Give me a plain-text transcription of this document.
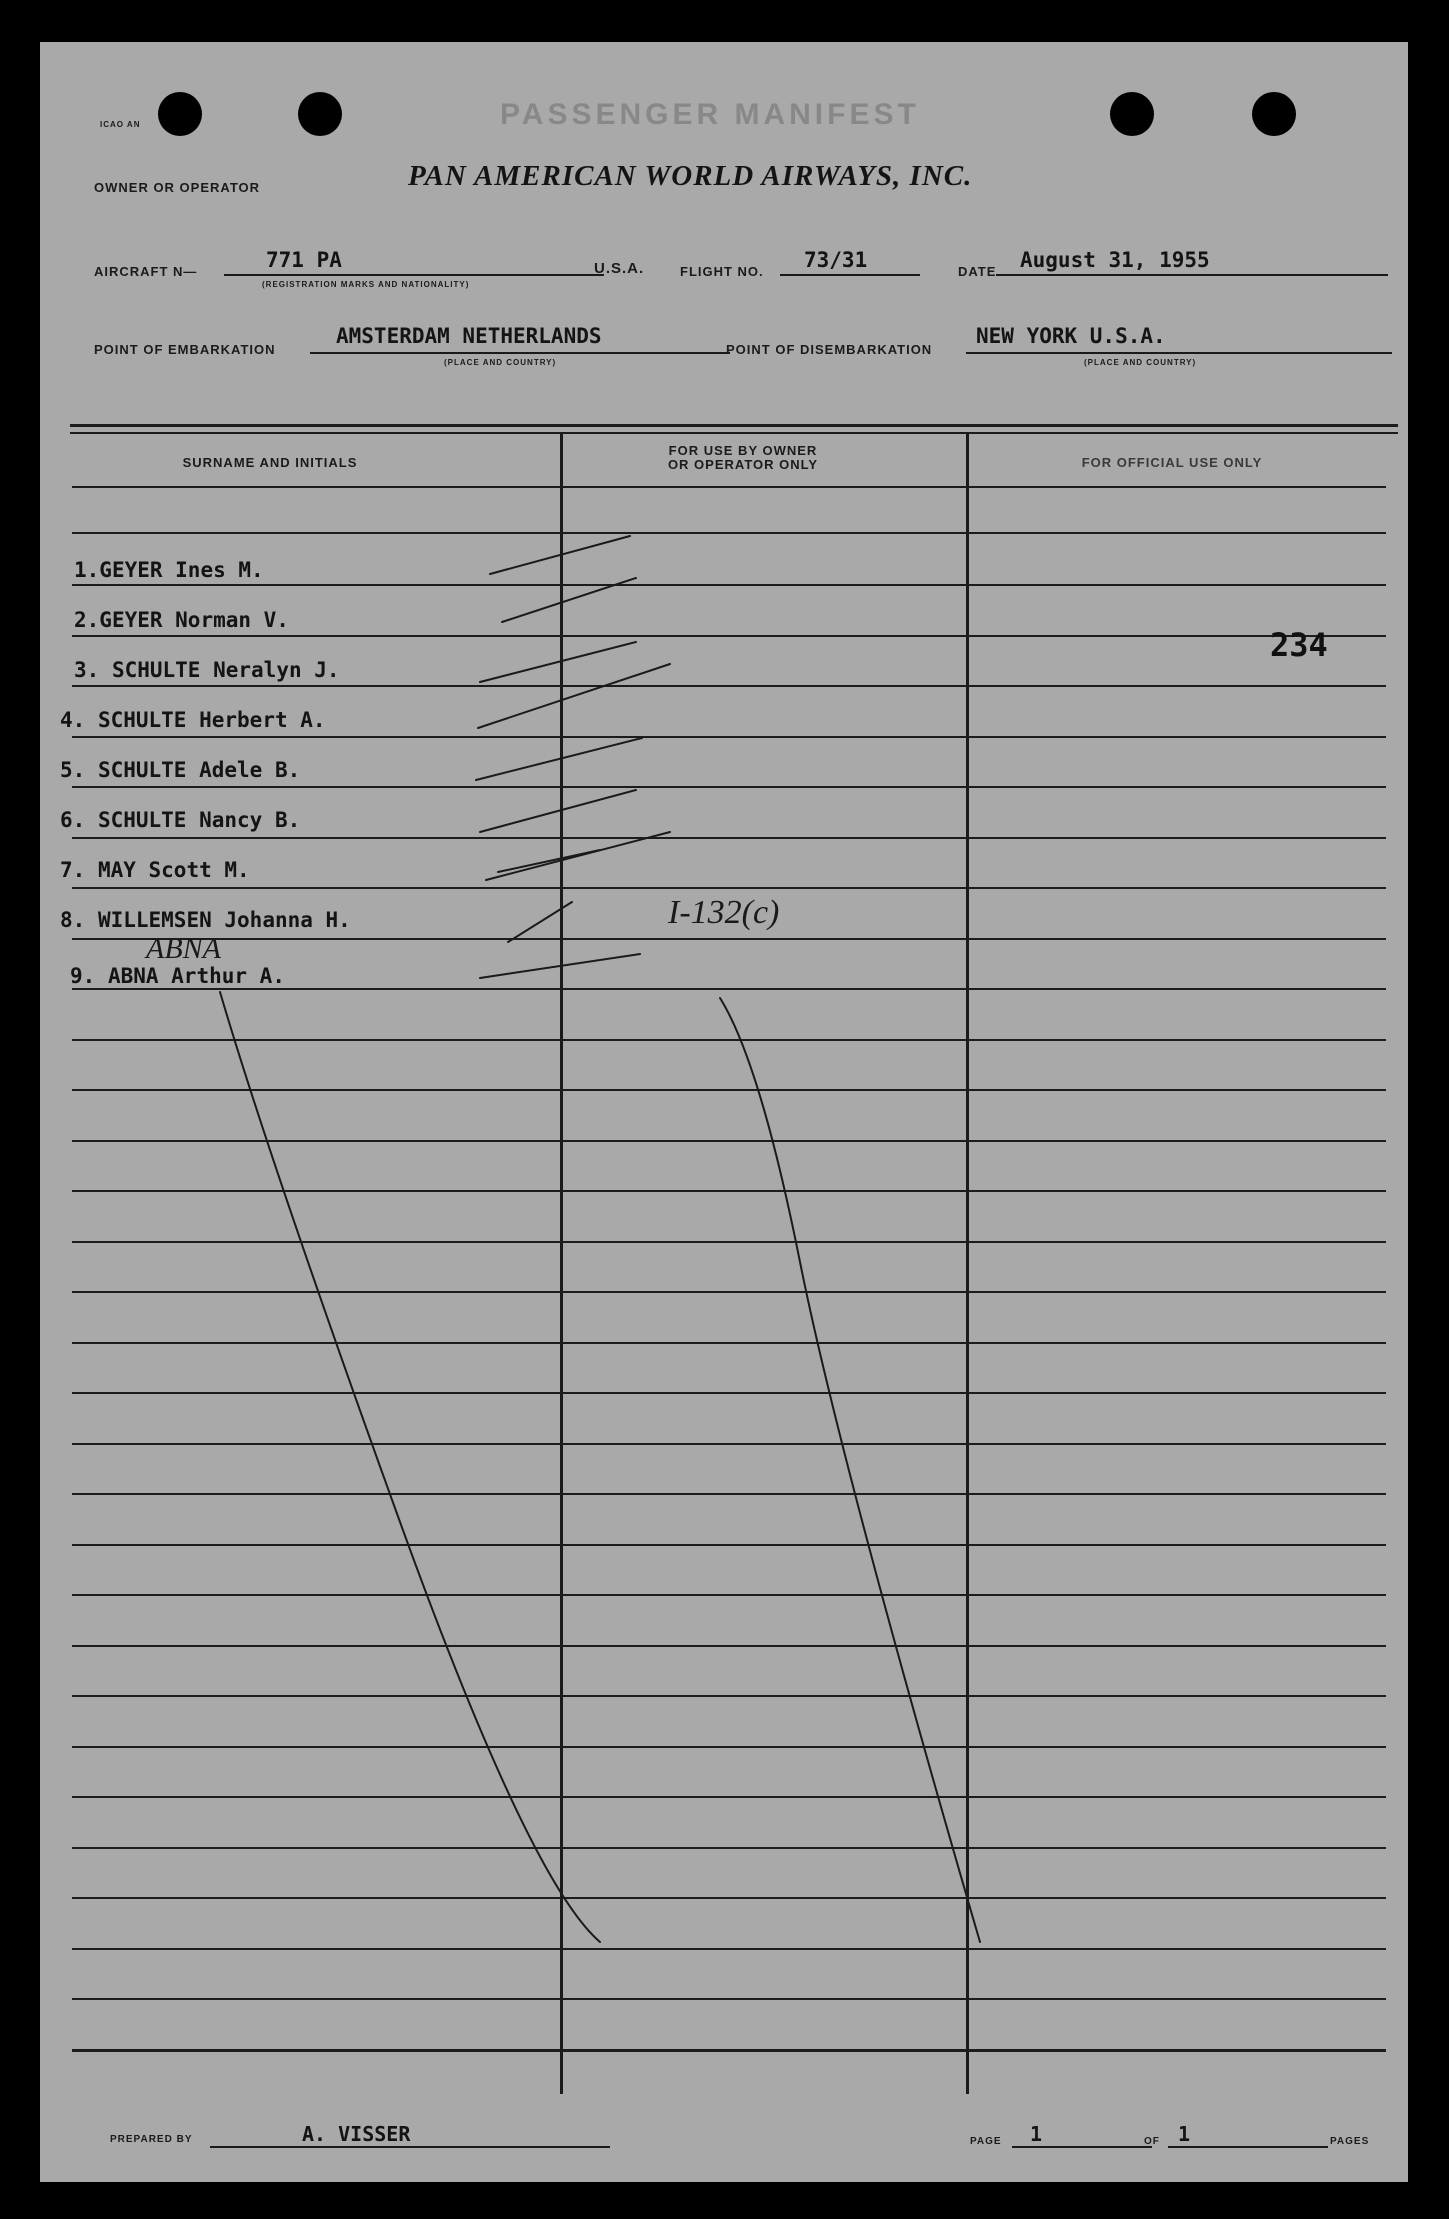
PASSENGER MANIFEST
ICAO AN
OWNER OR OPERATOR	PAN AMERICAN WORLD AIRWAYS, INC.
AIRCRAFT N—	771 PA
(REGISTRATION MARKS AND NATIONALITY)
U.S.A.	FLIGHT NO. 73/31	DATE August 31, 1955
POINT OF EMBARKATION
AMSTERDAM NETHERLANDS
(PLACE AND COUNTRY)
POINT OF DISEMBARKATION
NEW YORK U.S.A.
(PLACE AND COUNTRY)
SURNAME AND INITIALS
FOR USE BY OWNER OR OPERATOR ONLY	FOR OFFICIAL USE ONLY
1.GEYER Ines M.
2.GEYER Norman V.
3. SCHULTE Neralyn J.
4. SCHULTE Herbert A.
5. SCHULTE Adele B.
6. SCHULTE Nancy B.
7. MAY Scott M.
8. WILLEMSEN Johanna H.
9. ABNA Arthur A.
I-132(c)
ABNA
234
PREPARED BY	A. VISSER	PAGE 1	OF 1	PAGES
